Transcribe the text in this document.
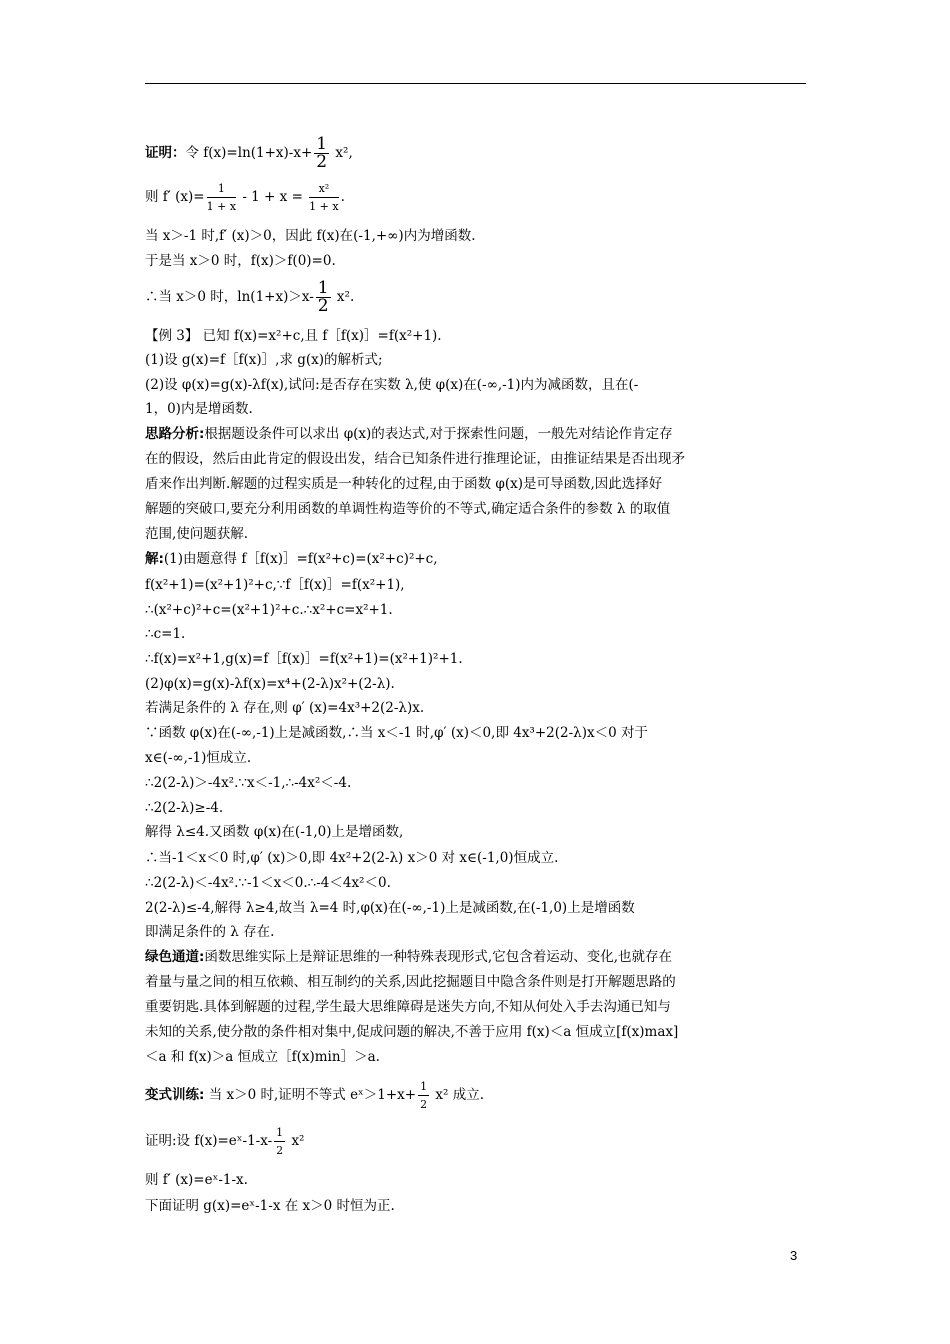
证明：令 $f(x)=\ln(1+x)-x+ \frac{1}{2} x^2$,
则 f′ $(x)= \frac{1}{1 + x} - 1 + x = \frac{\text{x²}}{1 + x}$ .
当 x＞-1 时,f′ (x)＞0，因此 f(x)在(-1,+∞)内为增函数.
于是当 x＞0 时，f(x)＞f(0)=0.
∴当 x＞0 时，$\ln(1+x)>x- \frac{1}{2} x^2$.
【例 3】 已知 f(x)=x²+c,且 f［f(x)］=f(x²+1).
(1)设 g(x)=f［f(x)］,求 g(x)的解析式;
(2)设 φ(x)=g(x)-λf(x),试问:是否存在实数 λ,使 φ(x)在(-∞,-1)内为减函数，且在(-
1，0)内是增函数.
思路分析:根据题设条件可以求出 φ(x)的表达式,对于探索性问题，一般先对结论作肯定存
在的假设，然后由此肯定的假设出发，结合已知条件进行推理论证，由推证结果是否出现矛
盾来作出判断.解题的过程实质是一种转化的过程,由于函数 φ(x)是可导函数,因此选择好
解题的突破口,要充分利用函数的单调性构造等价的不等式,确定适合条件的参数 λ 的取值
范围,使问题获解.
解:(1)由题意得 f［f(x)］=f(x²+c)=(x²+c)²+c,
f(x²+1)=(x²+1)²+c,∵f［f(x)］=f(x²+1),
∴(x²+c)²+c=(x²+1)²+c.∴x²+c=x²+1.
∴c=1.
∴f(x)=x²+1,g(x)=f［f(x)］=f(x²+1)=(x²+1)²+1.
(2)φ(x)=g(x)-λf(x)=x⁴+(2-λ)x²+(2-λ).
若满足条件的 λ 存在,则 φ′ (x)=4x³+2(2-λ)x.
∵函数 φ(x)在(-∞,-1)上是减函数,∴当 x＜-1 时,φ′ (x)＜0,即 4x³+2(2-λ)x＜0 对于
x∈(-∞,-1)恒成立.
∴2(2-λ)＞-4x².∵x＜-1,∴-4x²＜-4.
∴2(2-λ)≥-4.
解得 λ≤4.又函数 φ(x)在(-1,0)上是增函数,
∴当-1＜x＜0 时,φ′ (x)＞0,即 4x²+2(2-λ) x＞0 对 x∈(-1,0)恒成立.
∴2(2-λ)＜-4x².∵-1＜x＜0.∴-4＜4x²＜0.
2(2-λ)≤-4,解得 λ≥4,故当 λ=4 时,φ(x)在(-∞,-1)上是减函数,在(-1,0)上是增函数
即满足条件的 λ 存在.
绿色通道:函数思维实际上是辩证思维的一种特殊表现形式,它包含着运动、变化,也就存在
着量与量之间的相互依赖、相互制约的关系,因此挖掘题目中隐含条件则是打开解题思路的
重要钥匙.具体到解题的过程,学生最大思维障碍是迷失方向,不知从何处入手去沟通已知与
未知的关系,使分散的条件相对集中,促成问题的解决,不善于应用 f(x)＜a 恒成立[f(x)max]
＜a 和 f(x)＞a 恒成立［f(x)min］＞a.
变式训练: 当 x＞0 时,证明不等式 eˣ＞1+x+ $\frac{1}{2} x^2$ 成立.
证明:设 f(x)=eˣ-1-x- $\frac{1}{2} x^2$
则 f′ (x)=eˣ-1-x.
下面证明 g(x)=eˣ-1-x 在 x＞0 时恒为正.
3
